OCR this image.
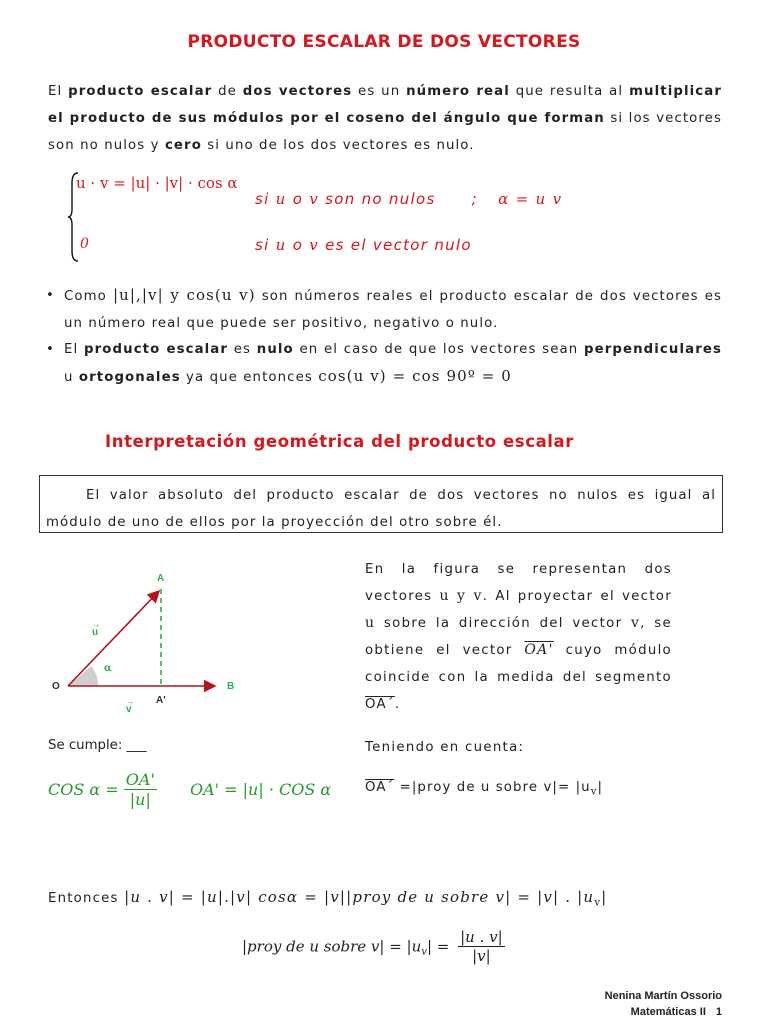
PRODUCTO ESCALAR DE DOS VECTORES
El producto escalar de dos vectores es un número real que resulta al multiplicar el producto de sus módulos por el coseno del ángulo que forman si los vectores son no nulos y cero si uno de los dos vectores es nulo.
u · v = |u| · |v| · cos α
0
si u o v son no nulos ; α = u v
si u o v es el vector nulo
• Como |u|,|v| y cos(u v) son números reales el producto escalar de dos vectores es un número real que puede ser positivo, negativo o nulo.
• El producto escalar es nulo en el caso de que los vectores sean perpendiculares u ortogonales ya que entonces cos(u v) = cos 90º = 0
Interpretación geométrica del producto escalar

El valor absoluto del producto escalar de dos vectores no nulos es igual al módulo de uno de ellos por la proyección del otro sobre él.

A
O	B
A'
u
→
v
→
α
En la figura se representan dos vectores u y v. Al proyectar el vector u sobre la dirección del vector v, se obtiene el vector OA' cuyo módulo coincide con la medida del segmento OA´.
Se cumple: ___	Teniendo en cuenta:
COS $\alpha = \frac{OA'}{|u|} OA' = |u|$ · COS α	OA´ =|proy de u sobre $v|= |u_v|$
Entonces |u . v| = |u|.|v| cosα = |v||proy de u sobre v| = |v| . $|u_v|$
|proy de u sobre $v| = |u_v| = \frac{|u . v|}{|v|}$
Nenina Martín Ossorio
Matemáticas II 1
